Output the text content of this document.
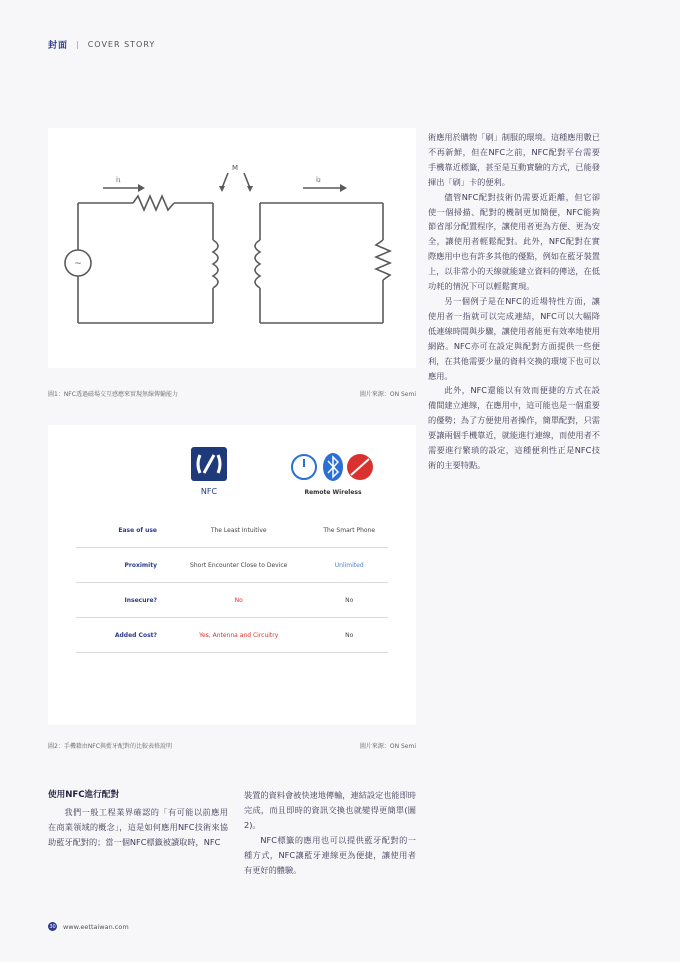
封面 | COVER STORY
~
i₁
M
i₂
圖1：NFC透過磁場交互感應來實現無線傳輸能力	圖片來源：ON Semi
NFC	Remote Wireless
Ease of use	The Least Intuitive	The Smart Phone
Proximity	Short Encounter Close to Device	Unlimited
Insecure?	No	No
Added Cost?	Yes, Antenna and Circuitry	No
圖2：手機藉由NFC與藍牙配對的比較表格說明	圖片來源：ON Semi

術應用於購物「刷」制服的環境。這種應用數已不再新鮮，但在NFC之前，NFC配對平台需要手機靠近標籤，甚至是互動實驗的方式，已能發揮出「刷」卡的便利。

儘管NFC配對技術仍需要近距離，但它卻使一個掃描、配對的機制更加簡便，NFC能夠節省部分配置程序，讓使用者更為方便、更為安全，讓使用者輕鬆配對。此外，NFC配對在實際應用中也有許多其他的優點，例如在藍牙裝置上，以非常小的天線就能建立資料的傳送，在低功耗的情況下可以輕鬆實現。

另一個例子是在NFC的近場特性方面，讓使用者一指就可以完成連結，NFC可以大幅降低連線時間與步驟，讓使用者能更有效率地使用網路。NFC亦可在設定與配對方面提供一些便利，在其他需要少量的資料交換的環境下也可以應用。

此外，NFC還能以有效而便捷的方式在設備間建立連線，在應用中，這可能也是一個重要的優勢；為了方便使用者操作，簡單配對，只需要讓兩個手機靠近，就能進行連線，而使用者不需要進行繁瑣的設定，這種便利性正是NFC技術的主要特點。

使用NFC進行配對

我們一般工程業界確認的「有可能以前應用在商業領域的概念」，這是如何應用NFC技術來協助藍牙配對的；當一個NFC標籤被讀取時，NFC

裝置的資料會被快速地傳輸，連結設定也能即時完成，而且即時的資訊交換也就變得更簡單(圖2)。

NFC標籤的應用也可以提供藍牙配對的一種方式，NFC讓藍牙連線更為便捷，讓使用者有更好的體驗。

30 www.eettaiwan.com
